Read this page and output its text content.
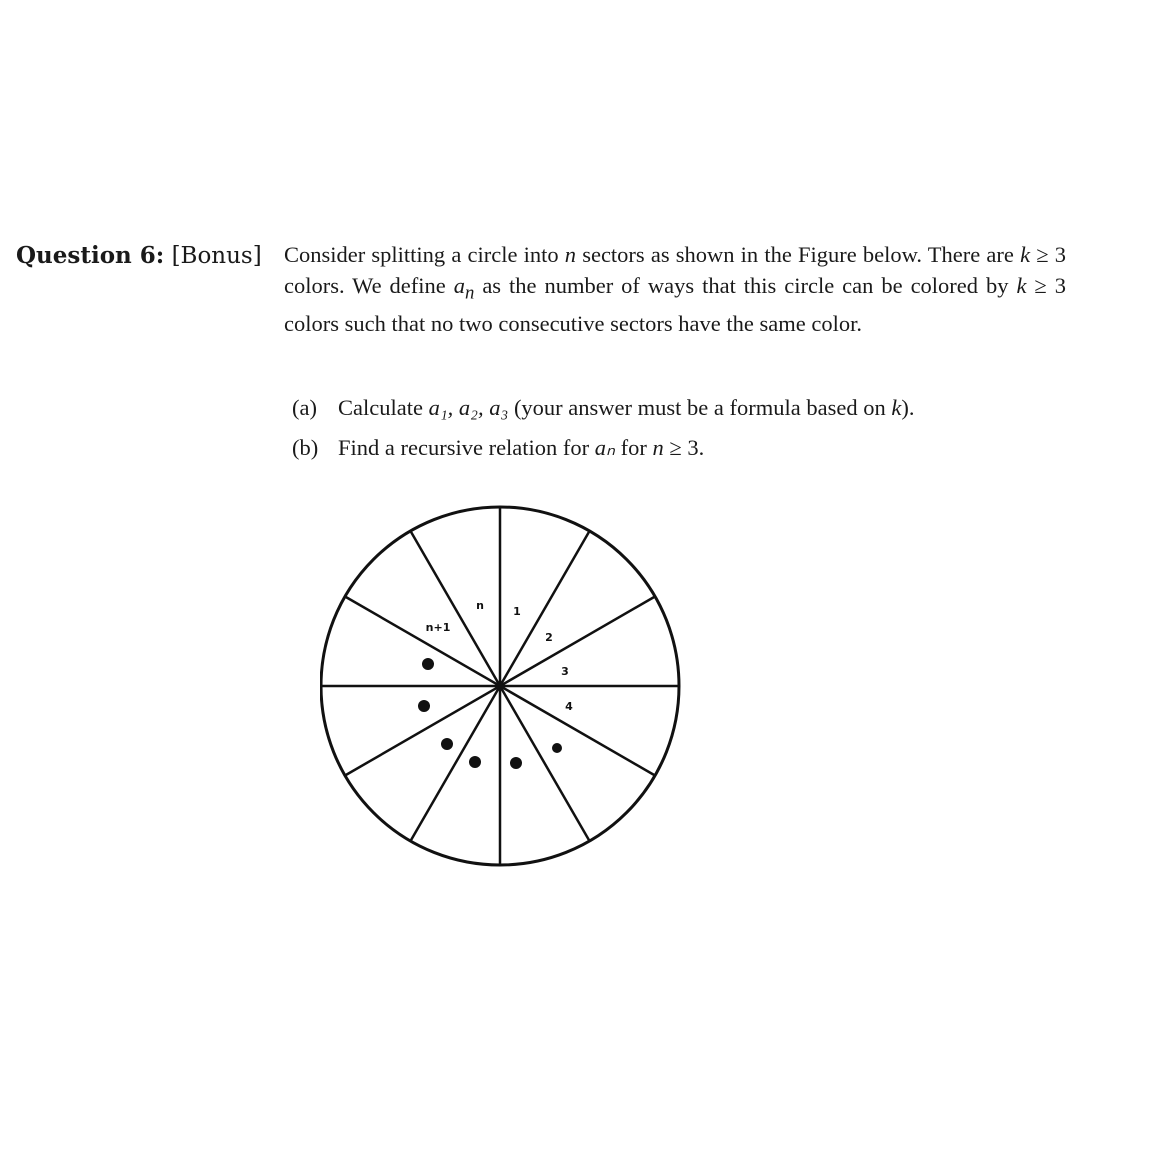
Question 6: [Bonus] Consider splitting a circle into n sectors as shown in the Figure below. There are k ≥ 3 colors. We define $a_n$ as the number of ways that this circle can be colored by k ≥ 3 colors such that no two consecutive sectors have the same color.
(a) Calculate a₁, a₂, a₃ (your answer must be a formula based on k).
(b) Find a recursive relation for aₙ for n ≥ 3.
n	1
n+1
2
3
4
